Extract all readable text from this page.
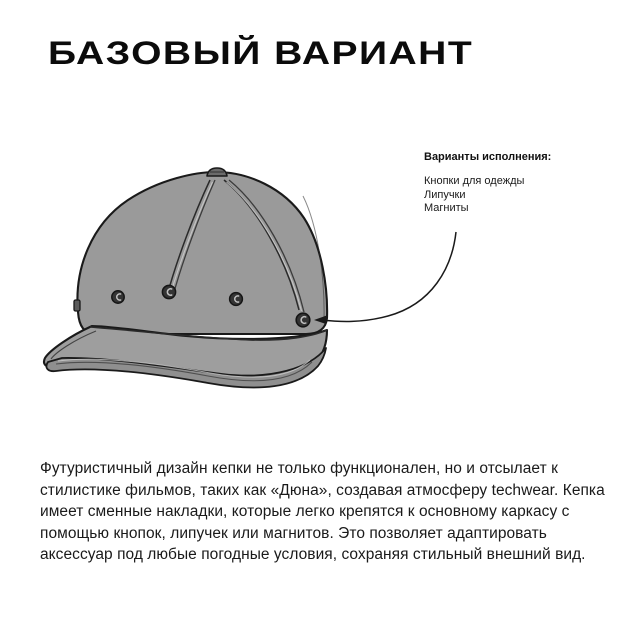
БАЗОВЫЙ ВАРИАНТ
Варианты исполнения:
Кнопки для одежды
Липучки
Магниты

Футуристичный дизайн кепки не только функционален, но и отсылает к стилистике фильмов, таких как «Дюна», создавая атмосферу techwear. Кепка имеет сменные накладки, которые легко крепятся к основному каркасу с помощью кнопок, липучек или магнитов. Это позволяет адаптировать аксессуар под любые погодные условия, сохраняя стильный внешний вид.
